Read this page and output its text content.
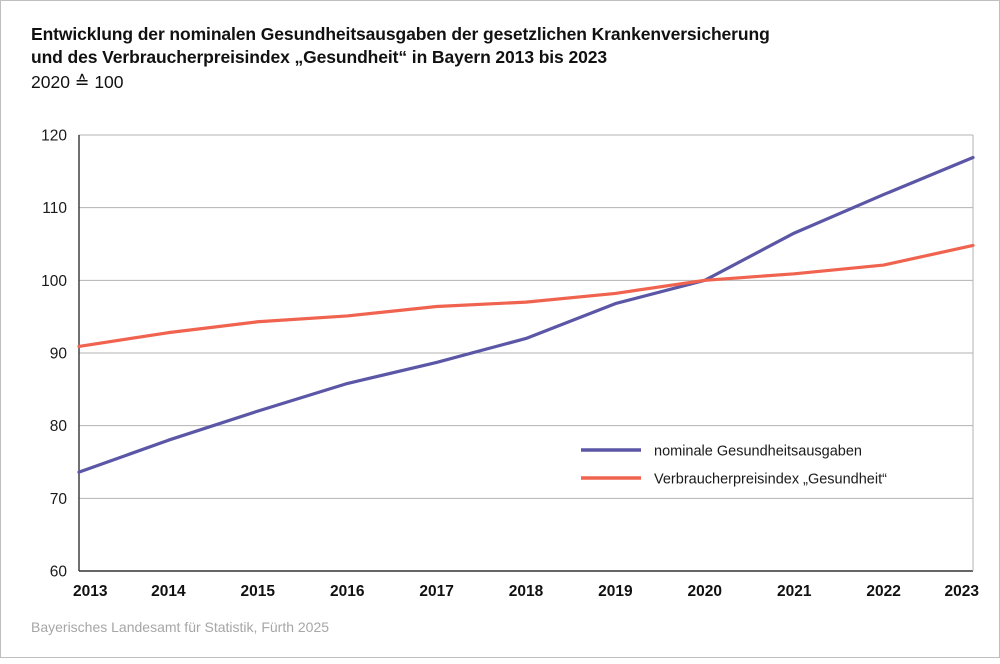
Entwicklung der nominalen Gesundheitsausgaben der gesetzlichen Krankenversicherung
und des Verbraucherpreisindex „Gesundheit“ in Bayern 2013 bis 2023
2020 ≙ 100
60
70
80
90
100
110
120
2013	2014	2015	2016	2017	2018	2019	2020	2021	2022	2023
nominale Gesundheitsausgaben
Verbraucherpreisindex „Gesundheit“
Bayerisches Landesamt für Statistik, Fürth 2025
